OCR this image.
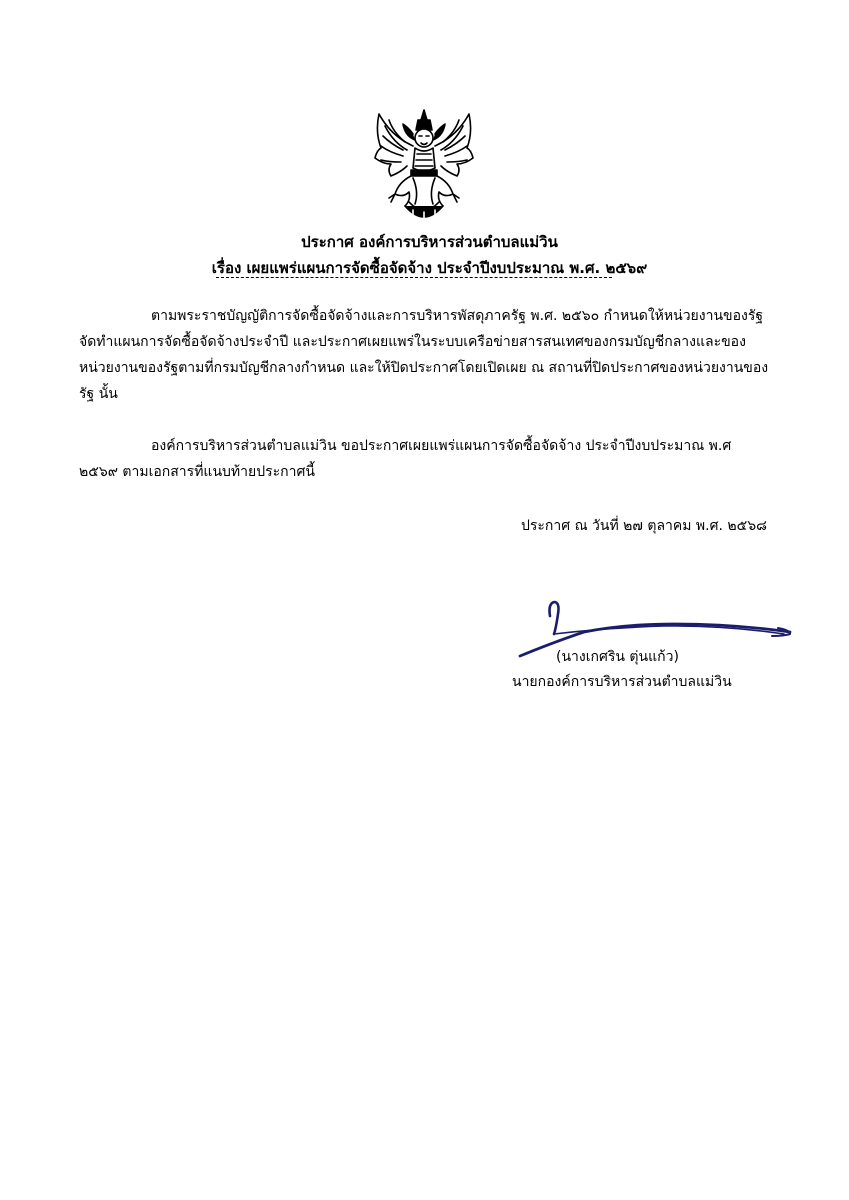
ประกาศ องค์การบริหารส่วนตำบลแม่วิน
เรื่อง เผยแพร่แผนการจัดซื้อจัดจ้าง ประจำปีงบประมาณ พ.ศ. ๒๕๖๙
ตามพระราชบัญญัติการจัดซื้อจัดจ้างและการบริหารพัสดุภาครัฐ พ.ศ. ๒๕๖๐ กำหนดให้หน่วยงานของรัฐ
จัดทำแผนการจัดซื้อจัดจ้างประจำปี และประกาศเผยแพร่ในระบบเครือข่ายสารสนเทศของกรมบัญชีกลางและของ
หน่วยงานของรัฐตามที่กรมบัญชีกลางกำหนด และให้ปิดประกาศโดยเปิดเผย ณ สถานที่ปิดประกาศของหน่วยงานของ
รัฐ นั้น
องค์การบริหารส่วนตำบลแม่วิน ขอประกาศเผยแพร่แผนการจัดซื้อจัดจ้าง ประจำปีงบประมาณ พ.ศ
๒๕๖๙ ตามเอกสารที่แนบท้ายประกาศนี้
ประกาศ ณ วันที่ ๒๗ ตุลาคม พ.ศ. ๒๕๖๘
(นางเกศริน ตุ่นแก้ว)
นายกองค์การบริหารส่วนตำบลแม่วิน
